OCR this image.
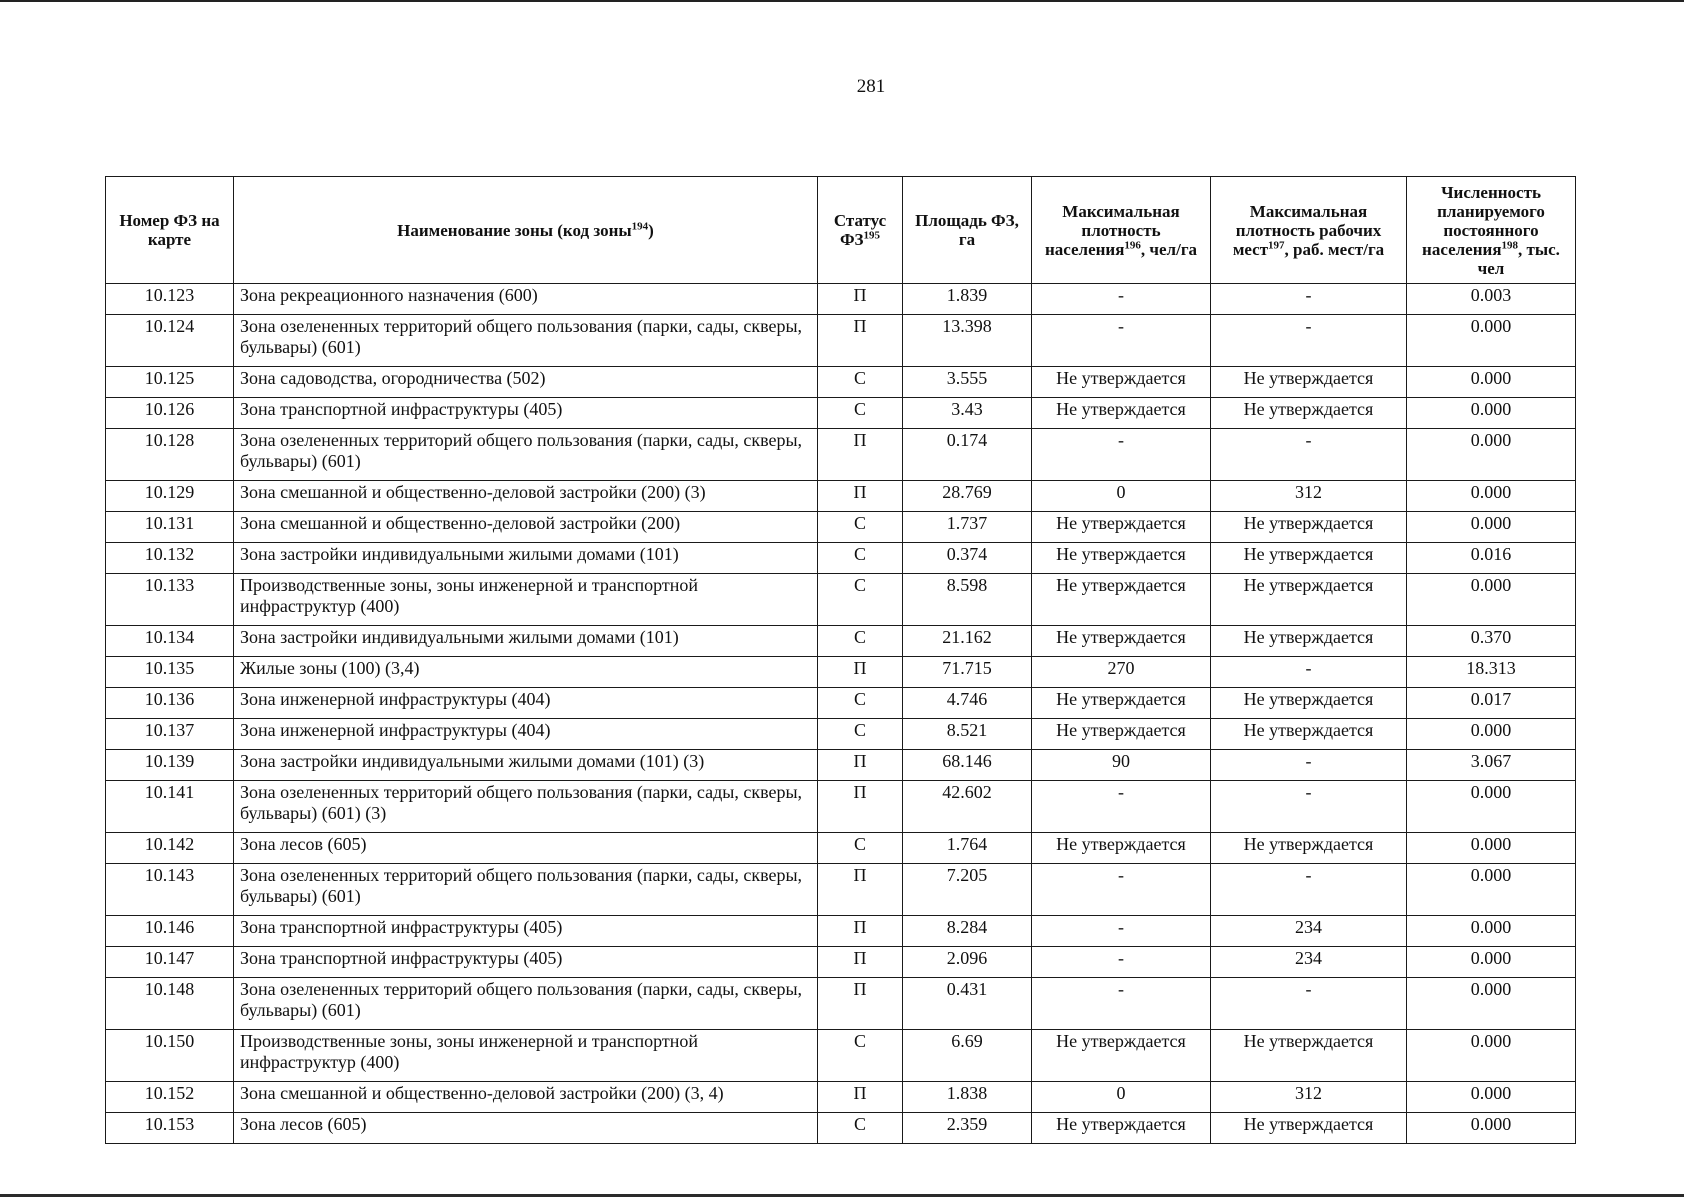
281
Номер ФЗ на карте	Наименование зоны (код зоны$^{194}$)	Статус ФЗ$^{195}$	Площадь ФЗ, га	Максимальная плотность населения$^{196}$, чел/га	Максимальная плотность рабочих мест$^{197}$, раб. мест/га	Численность планируемого постоянного населения$^{198}$, тыс. чел
10.123	Зона рекреационного назначения (600)	П	1.839	-	-	0.003
10.124	Зона озелененных территорий общего пользования (парки, сады, скверы, бульвары) (601)	П	13.398	-	-	0.000
10.125	Зона садоводства, огородничества (502)	С	3.555	Не утверждается	Не утверждается	0.000
10.126	Зона транспортной инфраструктуры (405)	С	3.43	Не утверждается	Не утверждается	0.000
10.128	Зона озелененных территорий общего пользования (парки, сады, скверы, бульвары) (601)	П	0.174	-	-	0.000
10.129	Зона смешанной и общественно-деловой застройки (200) (3)	П	28.769	0	312	0.000
10.131	Зона смешанной и общественно-деловой застройки (200)	С	1.737	Не утверждается	Не утверждается	0.000
10.132	Зона застройки индивидуальными жилыми домами (101)	С	0.374	Не утверждается	Не утверждается	0.016
10.133	Производственные зоны, зоны инженерной и транспортной инфраструктур (400)	С	8.598	Не утверждается	Не утверждается	0.000
10.134	Зона застройки индивидуальными жилыми домами (101)	С	21.162	Не утверждается	Не утверждается	0.370
10.135	Жилые зоны (100) (3,4)	П	71.715	270	-	18.313
10.136	Зона инженерной инфраструктуры (404)	С	4.746	Не утверждается	Не утверждается	0.017
10.137	Зона инженерной инфраструктуры (404)	С	8.521	Не утверждается	Не утверждается	0.000
10.139	Зона застройки индивидуальными жилыми домами (101) (3)	П	68.146	90	-	3.067
10.141	Зона озелененных территорий общего пользования (парки, сады, скверы, бульвары) (601) (3)	П	42.602	-	-	0.000
10.142	Зона лесов (605)	С	1.764	Не утверждается	Не утверждается	0.000
10.143	Зона озелененных территорий общего пользования (парки, сады, скверы, бульвары) (601)	П	7.205	-	-	0.000
10.146	Зона транспортной инфраструктуры (405)	П	8.284	-	234	0.000
10.147	Зона транспортной инфраструктуры (405)	П	2.096	-	234	0.000
10.148	Зона озелененных территорий общего пользования (парки, сады, скверы, бульвары) (601)	П	0.431	-	-	0.000
10.150	Производственные зоны, зоны инженерной и транспортной инфраструктур (400)	С	6.69	Не утверждается	Не утверждается	0.000
10.152	Зона смешанной и общественно-деловой застройки (200) (3, 4)	П	1.838	0	312	0.000
10.153	Зона лесов (605)	С	2.359	Не утверждается	Не утверждается	0.000
